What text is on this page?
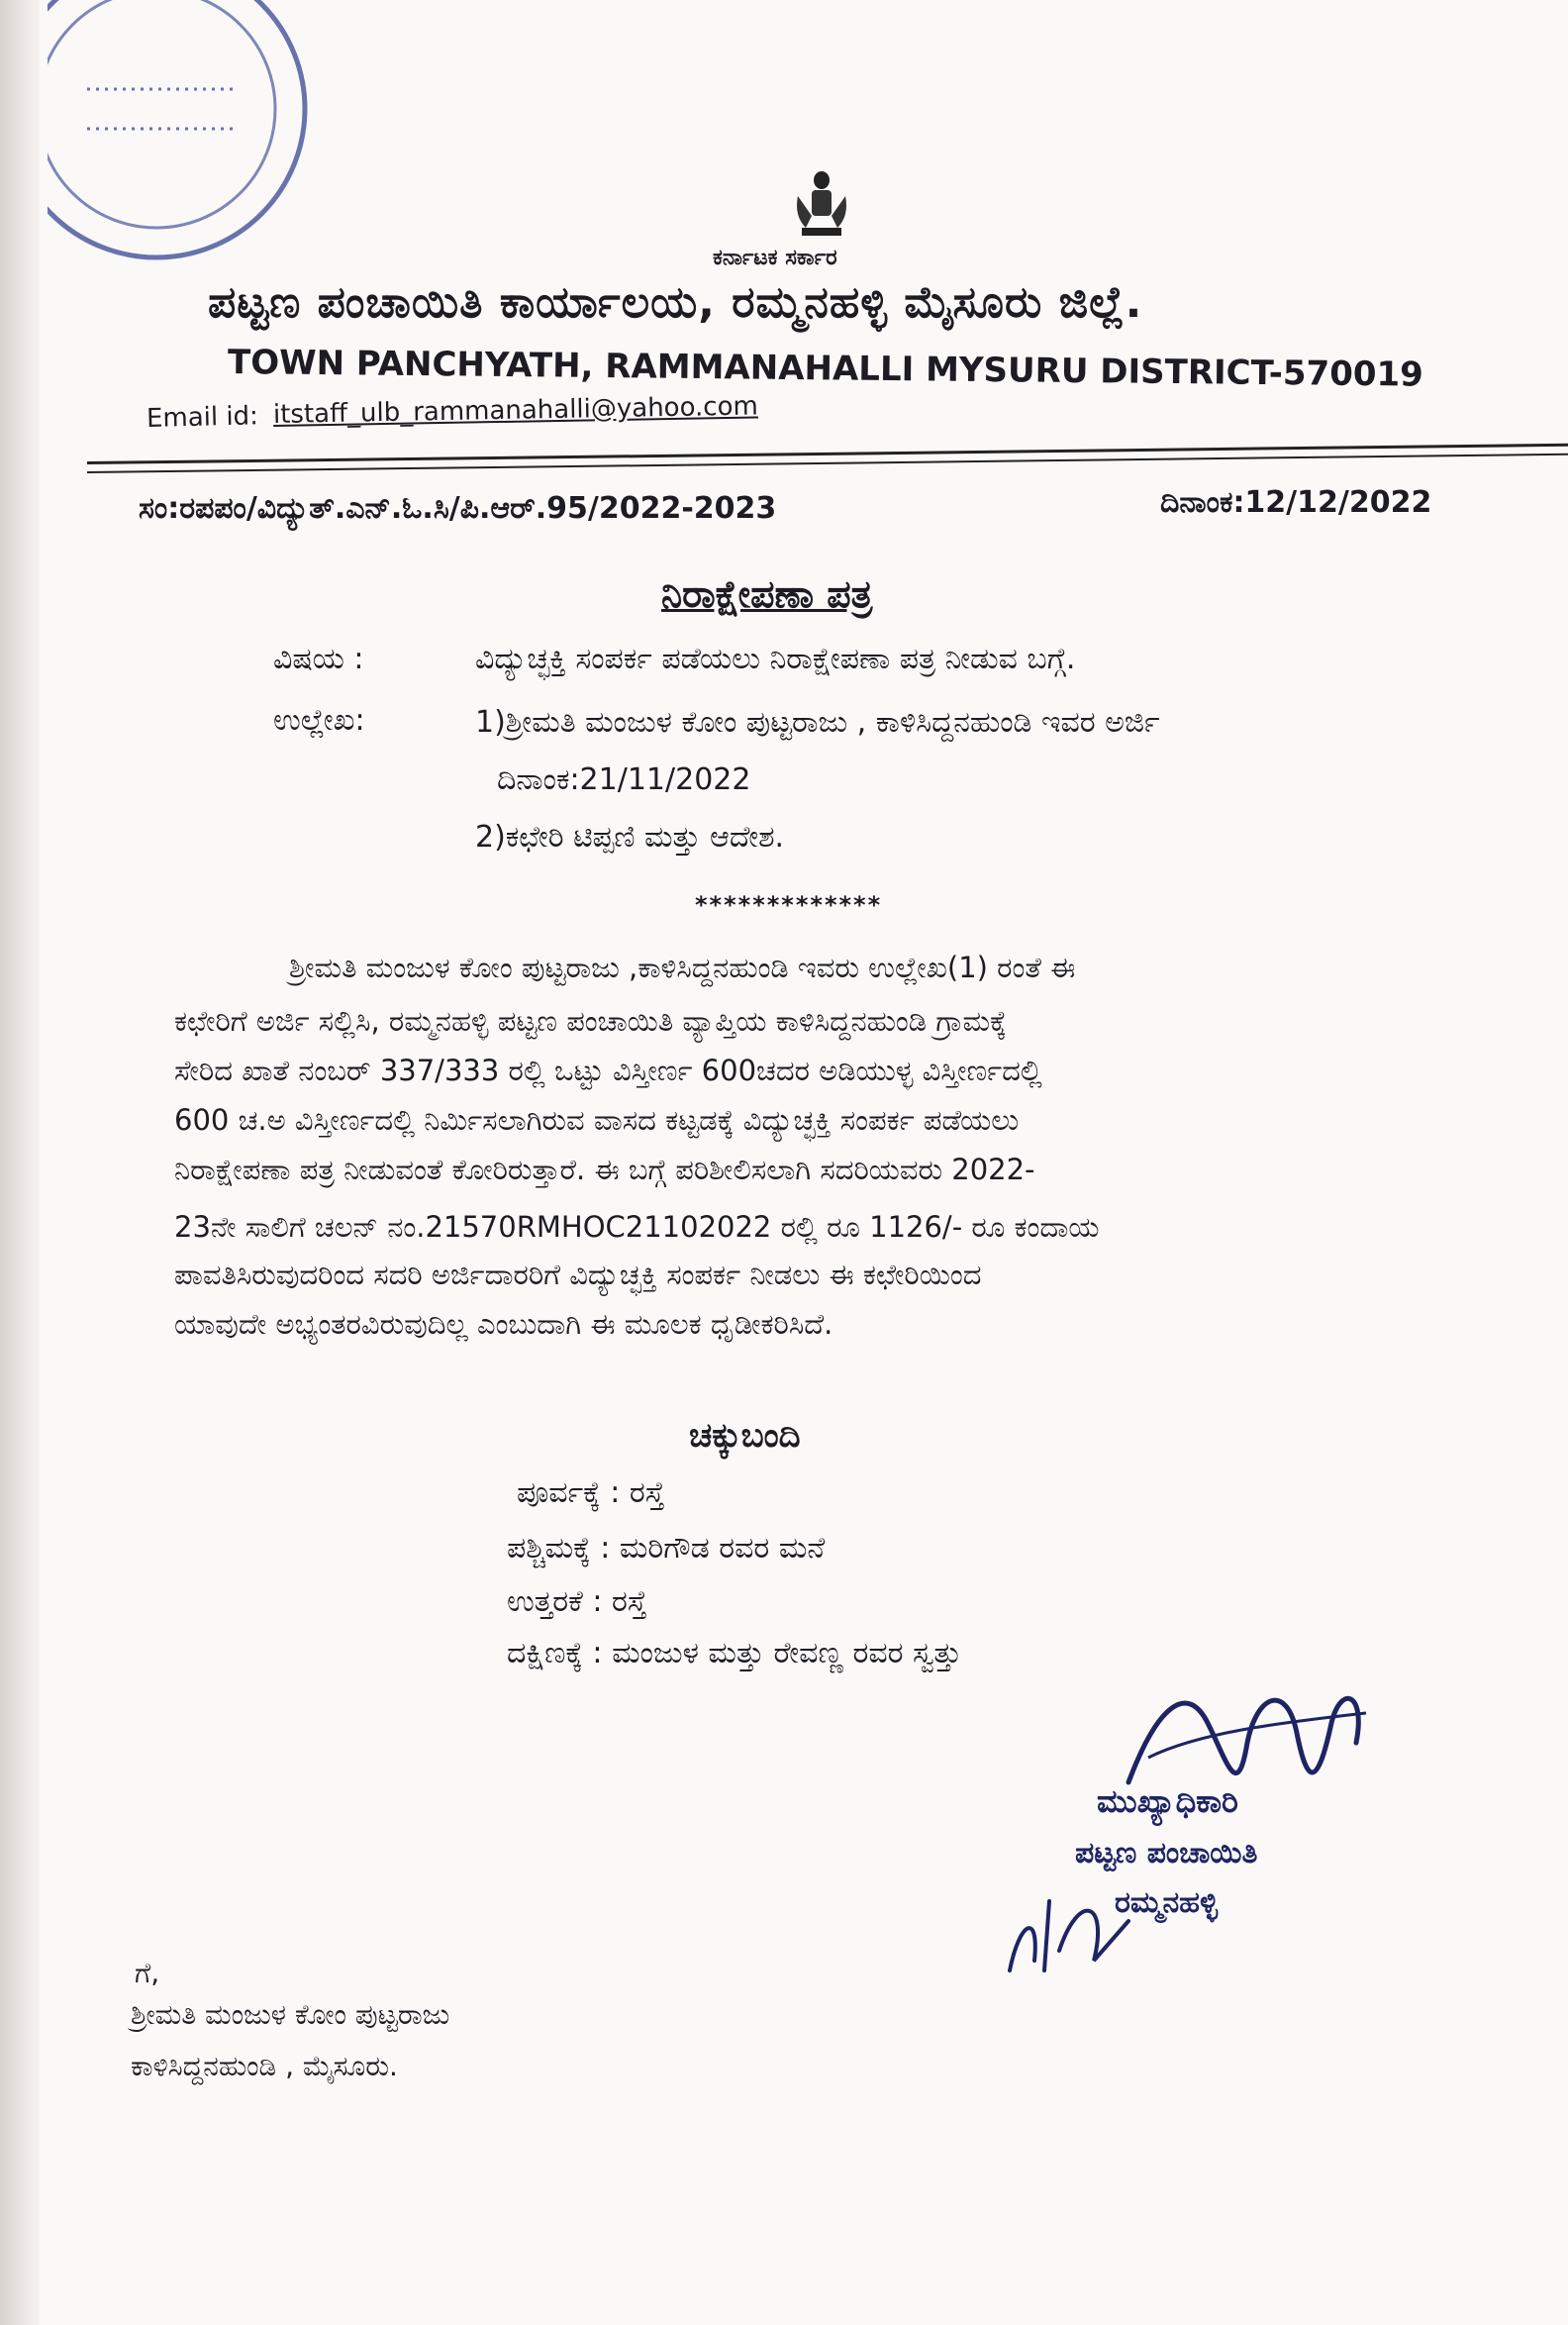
ಕರ್ನಾಟಕ ಸರ್ಕಾರ
ಪಟ್ಟಣ ಪಂಚಾಯಿತಿ ಕಾರ್ಯಾಲಯ, ರಮ್ಮನಹಳ್ಳಿ ಮೈಸೂರು ಜಿಲ್ಲೆ.
TOWN PANCHYATH, RAMMANAHALLI MYSURU DISTRICT-570019
Email id: itstaff_ulb_rammanahalli@yahoo.com
ಸಂ:ರಪಪಂ/ವಿದ್ಯುತ್.ಎನ್.ಓ.ಸಿ/ಪಿ.ಆರ್.95/2022-2023	ದಿನಾಂಕ:12/12/2022
ನಿರಾಕ್ಷೇಪಣಾ ಪತ್ರ
ವಿಷಯ :	ವಿದ್ಯುಚ್ಛಕ್ತಿ ಸಂಪರ್ಕ ಪಡೆಯಲು ನಿರಾಕ್ಷೇಪಣಾ ಪತ್ರ ನೀಡುವ ಬಗ್ಗೆ.
ಉಲ್ಲೇಖ:	1)ಶ್ರೀಮತಿ ಮಂಜುಳ ಕೋಂ ಪುಟ್ಟರಾಜು , ಕಾಳಿಸಿದ್ದನಹುಂಡಿ ಇವರ ಅರ್ಜಿ
ದಿನಾಂಕ:21/11/2022
2)ಕಛೇರಿ ಟಿಪ್ಪಣಿ ಮತ್ತು ಆದೇಶ.
*************
ಶ್ರೀಮತಿ ಮಂಜುಳ ಕೋಂ ಪುಟ್ಟರಾಜು ,ಕಾಳಿಸಿದ್ದನಹುಂಡಿ ಇವರು ಉಲ್ಲೇಖ(1) ರಂತೆ ಈ
ಕಛೇರಿಗೆ ಅರ್ಜಿ ಸಲ್ಲಿಸಿ, ರಮ್ಮನಹಳ್ಳಿ ಪಟ್ಟಣ ಪಂಚಾಯಿತಿ ವ್ಯಾಪ್ತಿಯ ಕಾಳಿಸಿದ್ದನಹುಂಡಿ ಗ್ರಾಮಕ್ಕೆ
ಸೇರಿದ ಖಾತೆ ನಂಬರ್ 337/333 ರಲ್ಲಿ ಒಟ್ಟು ವಿಸ್ತೀರ್ಣ 600ಚದರ ಅಡಿಯುಳ್ಳ ವಿಸ್ತೀರ್ಣದಲ್ಲಿ
600 ಚ.ಅ ವಿಸ್ತೀರ್ಣದಲ್ಲಿ ನಿರ್ಮಿಸಲಾಗಿರುವ ವಾಸದ ಕಟ್ಟಡಕ್ಕೆ ವಿದ್ಯುಚ್ಛಕ್ತಿ ಸಂಪರ್ಕ ಪಡೆಯಲು
ನಿರಾಕ್ಷೇಪಣಾ ಪತ್ರ ನೀಡುವಂತೆ ಕೋರಿರುತ್ತಾರೆ. ಈ ಬಗ್ಗೆ ಪರಿಶೀಲಿಸಲಾಗಿ ಸದರಿಯವರು 2022-
23ನೇ ಸಾಲಿಗೆ ಚಲನ್ ನಂ.21570RMHOC21102022 ರಲ್ಲಿ ರೂ 1126/- ರೂ ಕಂದಾಯ
ಪಾವತಿಸಿರುವುದರಿಂದ ಸದರಿ ಅರ್ಜಿದಾರರಿಗೆ ವಿದ್ಯುಚ್ಛಕ್ತಿ ಸಂಪರ್ಕ ನೀಡಲು ಈ ಕಛೇರಿಯಿಂದ
ಯಾವುದೇ ಅಭ್ಯಂತರವಿರುವುದಿಲ್ಲ ಎಂಬುದಾಗಿ ಈ ಮೂಲಕ ಧೃಡೀಕರಿಸಿದೆ.
ಚಕ್ಕುಬಂದಿ
ಪೂರ್ವಕ್ಕೆ : ರಸ್ತೆ
ಪಶ್ಚಿಮಕ್ಕೆ : ಮರಿಗೌಡ ರವರ ಮನೆ
ಉತ್ತರಕೆ : ರಸ್ತೆ
ದಕ್ಷಿಣಕ್ಕೆ : ಮಂಜುಳ ಮತ್ತು ರೇವಣ್ಣ ರವರ ಸ್ವತ್ತು
ಮುಖ್ಯಾಧಿಕಾರಿ
ಪಟ್ಟಣ ಪಂಚಾಯಿತಿ
ರಮ್ಮನಹಳ್ಳಿ
ಗೆ,
ಶ್ರೀಮತಿ ಮಂಜುಳ ಕೋಂ ಪುಟ್ಟರಾಜು
ಕಾಳಿಸಿದ್ದನಹುಂಡಿ , ಮೈಸೂರು.
